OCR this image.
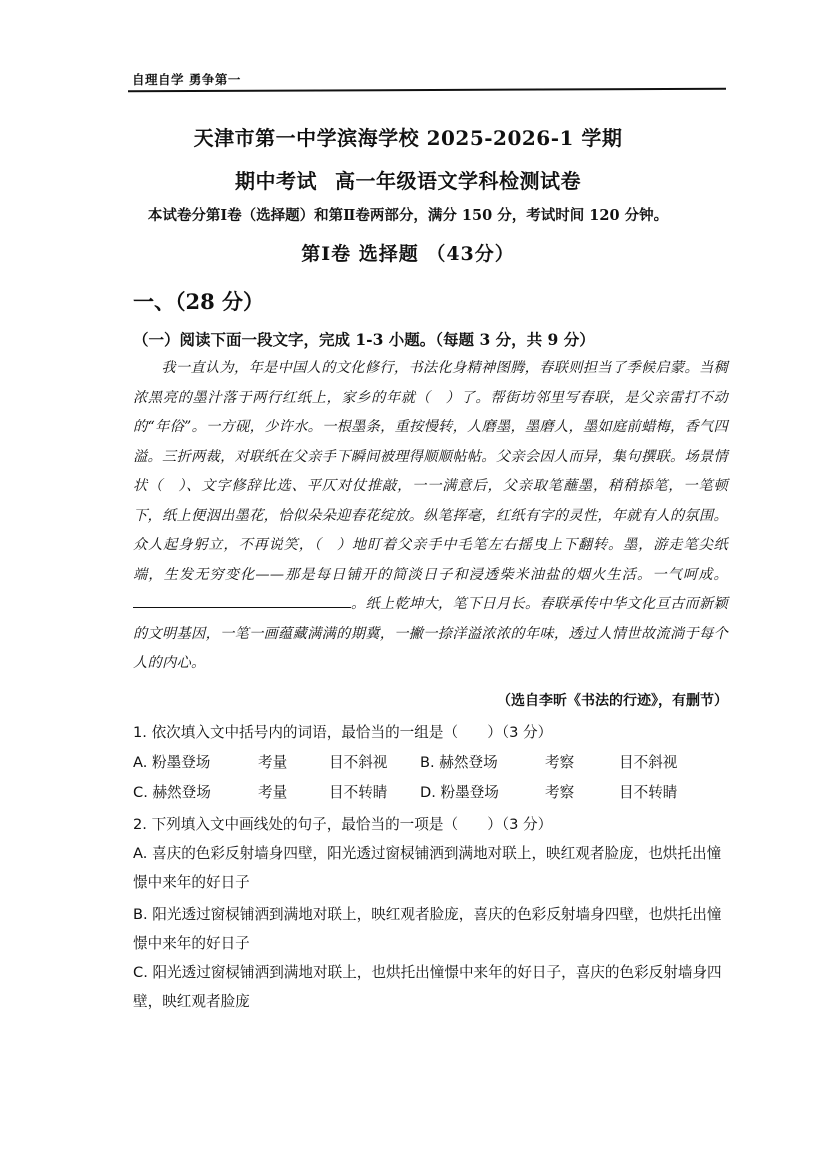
自理自学 勇争第一
天津市第一中学滨海学校 2025-2026-1 学期
期中考试 高一年级语文学科检测试卷
本试卷分第Ⅰ卷（选择题）和第Ⅱ卷两部分，满分 150 分，考试时间 120 分钟。
第Ⅰ卷 选择题 （43分）
一、（28 分）
（一）阅读下面一段文字，完成 1-3 小题。（每题 3 分，共 9 分）

我一直认为，年是中国人的文化修行，书法化身精神图腾，春联则担当了季候启蒙。当稠浓黑亮的墨汁落于两行红纸上，家乡的年就（　）了。帮街坊邻里写春联，是父亲雷打不动的“年俗”。一方砚，少许水。一根墨条，重按慢转，人磨墨，墨磨人，墨如庭前蜡梅，香气四溢。三折两裁，对联纸在父亲手下瞬间被理得顺顺帖帖。父亲会因人而异，集句撰联。场景情状（　）、文字修辞比选、平仄对仗推敲，一一满意后，父亲取笔蘸墨，稍稍掭笔，一笔顿下，纸上便洇出墨花，恰似朵朵迎春花绽放。纵笔挥毫，红纸有字的灵性，年就有人的氛围。众人起身躬立，不再说笑，（　）地盯着父亲手中毛笔左右摇曳上下翻转。墨，游走笔尖纸端，生发无穷变化——那是每日铺开的简淡日子和浸透柴米油盐的烟火生活。一气呵成。。纸上乾坤大，笔下日月长。春联承传中华文化亘古而新颖的文明基因，一笔一画蕴藏满满的期冀，一撇一捺洋溢浓浓的年味，透过人情世故流淌于每个人的内心。

（选自李昕《书法的行迹》，有删节）
1. 依次填入文中括号内的词语，最恰当的一组是（　　）（3 分）
A. 粉墨登场	考量	目不斜视 B. 赫然登场	考察	目不斜视
C. 赫然登场	考量	目不转睛 D. 粉墨登场	考察	目不转睛
2. 下列填入文中画线处的句子，最恰当的一项是（　　）（3 分）
A. 喜庆的色彩反射墙身四壁，阳光透过窗棂铺洒到满地对联上，映红观者脸庞，也烘托出憧憬中来年的好日子
B. 阳光透过窗棂铺洒到满地对联上，映红观者脸庞，喜庆的色彩反射墙身四壁，也烘托出憧憬中来年的好日子
C. 阳光透过窗棂铺洒到满地对联上，也烘托出憧憬中来年的好日子，喜庆的色彩反射墙身四壁，映红观者脸庞
